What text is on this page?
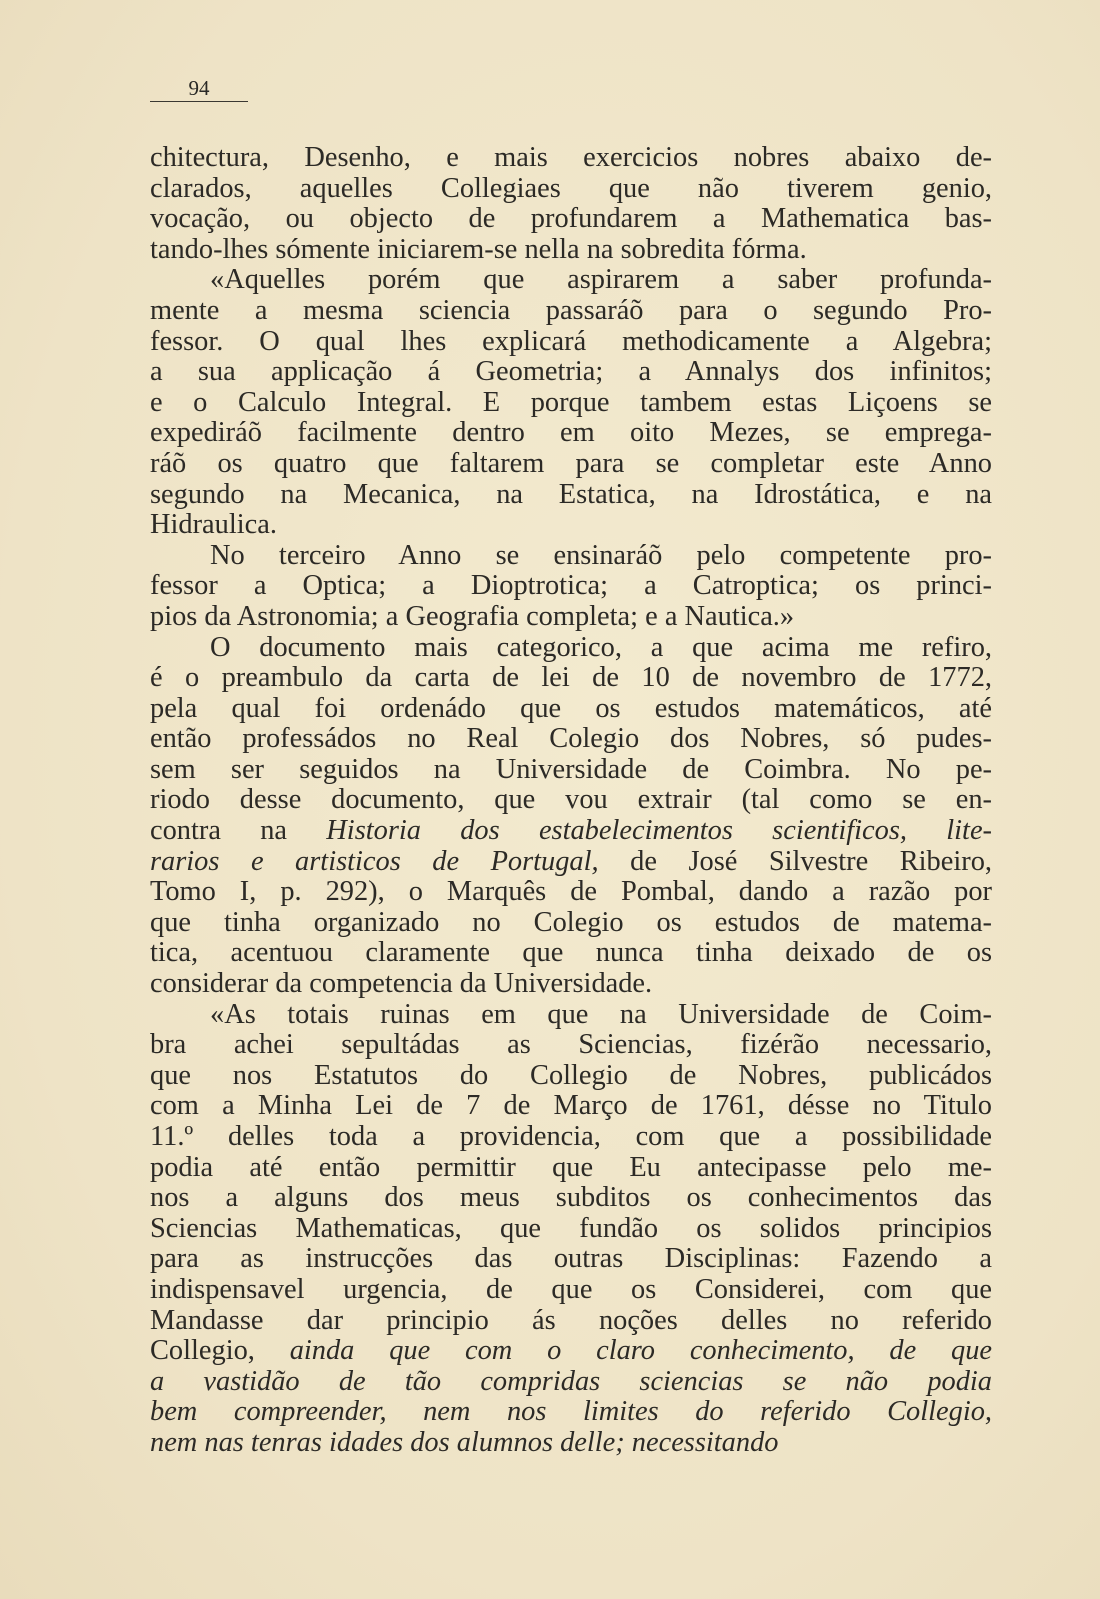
94
chitectura, Desenho, e mais exercicios nobres abaixo de-
clarados, aquelles Collegiaes que não tiverem genio,
vocação, ou objecto de profundarem a Mathematica bas-
tando-lhes sómente iniciarem-se nella na sobredita fórma.
«Aquelles porém que aspirarem a saber profunda-
mente a mesma sciencia passaráõ para o segundo Pro-
fessor. O qual lhes explicará methodicamente a Algebra;
a sua applicação á Geometria; a Annalys dos infinitos;
e o Calculo Integral. E porque tambem estas Liçoens se
expediráõ facilmente dentro em oito Mezes, se emprega-
ráõ os quatro que faltarem para se completar este Anno
segundo na Mecanica, na Estatica, na Idrostática, e na
Hidraulica.
No terceiro Anno se ensinaráõ pelo competente pro-
fessor a Optica; a Dioptrotica; a Catroptica; os princi-
pios da Astronomia; a Geografia completa; e a Nautica.»
O documento mais categorico, a que acima me refiro,
é o preambulo da carta de lei de 10 de novembro de 1772,
pela qual foi ordenádo que os estudos matemáticos, até
então professádos no Real Colegio dos Nobres, só pudes-
sem ser seguidos na Universidade de Coimbra. No pe-
riodo desse documento, que vou extrair (tal como se en-
contra na Historia dos estabelecimentos scientificos, lite-
rarios e artisticos de Portugal, de José Silvestre Ribeiro,
Tomo I, p. 292), o Marquês de Pombal, dando a razão por
que tinha organizado no Colegio os estudos de matema-
tica, acentuou claramente que nunca tinha deixado de os
considerar da competencia da Universidade.
«As totais ruinas em que na Universidade de Coim-
bra achei sepultádas as Sciencias, fizérão necessario,
que nos Estatutos do Collegio de Nobres, publicádos
com a Minha Lei de 7 de Março de 1761, désse no Titulo
11.º delles toda a providencia, com que a possibilidade
podia até então permittir que Eu antecipasse pelo me-
nos a alguns dos meus subditos os conhecimentos das
Sciencias Mathematicas, que fundão os solidos principios
para as instrucções das outras Disciplinas: Fazendo a
indispensavel urgencia, de que os Considerei, com que
Mandasse dar principio ás noções delles no referido
Collegio, ainda que com o claro conhecimento, de que
a vastidão de tão compridas sciencias se não podia
bem compreender, nem nos limites do referido Collegio,
nem nas tenras idades dos alumnos delle; necessitando
